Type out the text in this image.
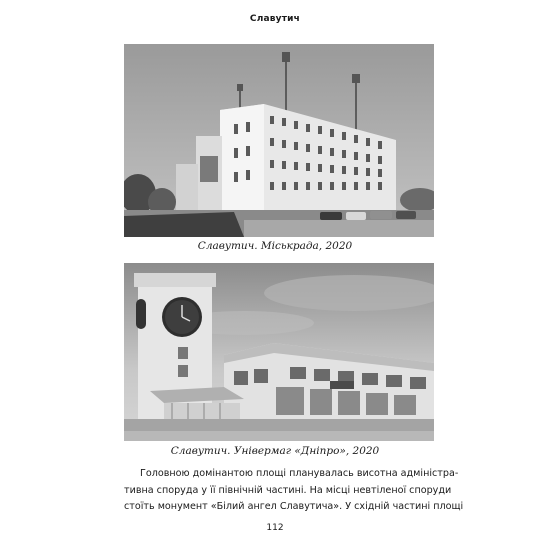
Славутич
Славутич. Міськрада, 2020
Славутич. Універмаг «Дніпро», 2020
Головною домінантою площі планувалась висотна адміністра-
тивна споруда у її північній частині. На місці невтіленої споруди
стоїть монумент «Білий ангел Славутича». У східній частині площі
112
